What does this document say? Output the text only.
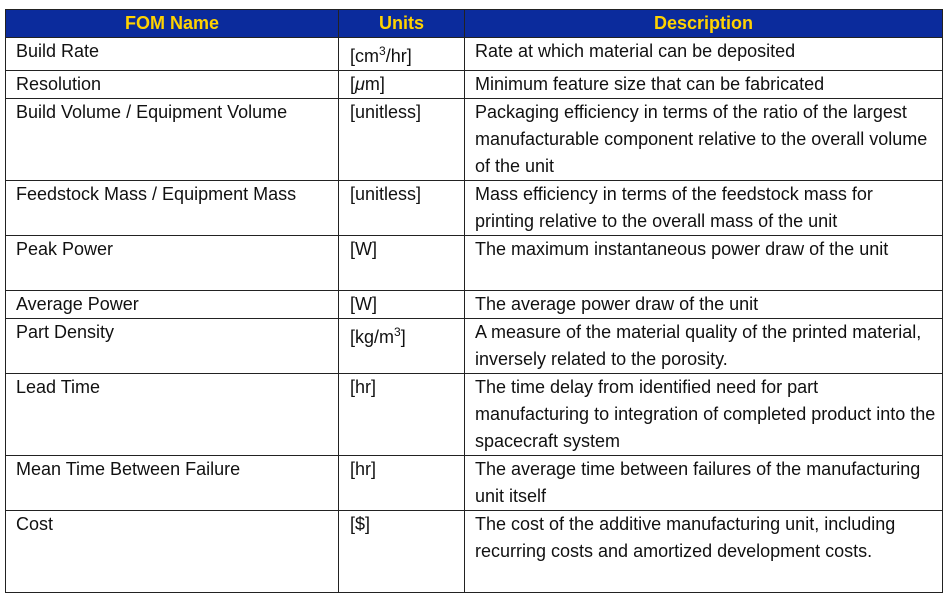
FOM Name	Units	Description
Build Rate	$[cm^3/hr]$	Rate at which material can be deposited
Resolution	[μm]	Minimum feature size that can be fabricated
Build Volume / Equipment Volume	[unitless]	Packaging efficiency in terms of the ratio of the largest manufacturable component relative to the overall volume of the unit
Feedstock Mass / Equipment Mass	[unitless]	Mass efficiency in terms of the feedstock mass for printing relative to the overall mass of the unit
Peak Power	[W]	The maximum instantaneous power draw of the unit
Average Power	[W]	The average power draw of the unit
Part Density	$[kg/m^3]$	A measure of the material quality of the printed material, inversely related to the porosity.
Lead Time	[hr]	The time delay from identified need for part manufacturing to integration of completed product into the spacecraft system
Mean Time Between Failure	[hr]	The average time between failures of the manufacturing unit itself
Cost	[$]	The cost of the additive manufacturing unit, including recurring costs and amortized development costs.
